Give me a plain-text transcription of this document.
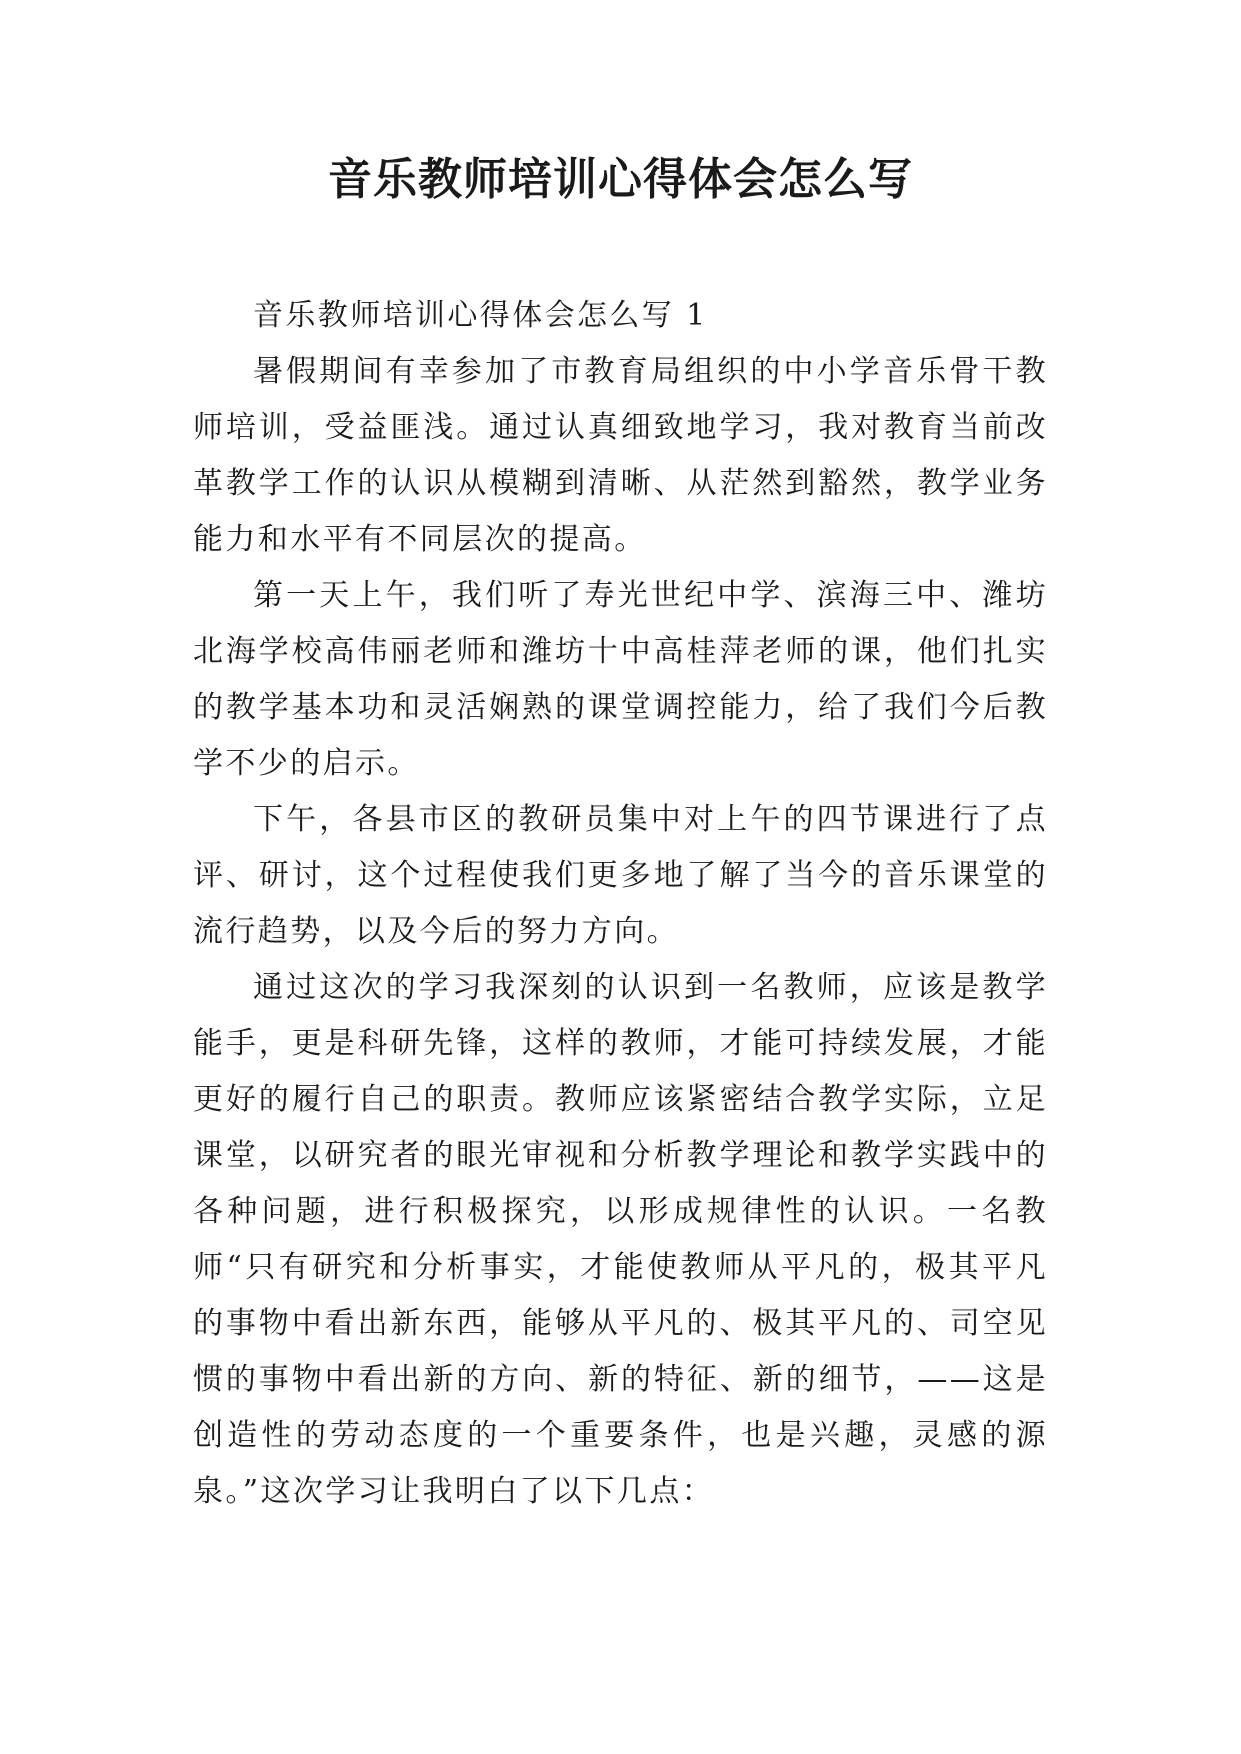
音乐教师培训心得体会怎么写

音乐教师培训心得体会怎么写 1

暑假期间有幸参加了市教育局组织的中小学音乐骨干教师培训，受益匪浅。通过认真细致地学习，我对教育当前改革教学工作的认识从模糊到清晰、从茫然到豁然，教学业务能力和水平有不同层次的提高。

第一天上午，我们听了寿光世纪中学、滨海三中、潍坊北海学校高伟丽老师和潍坊十中高桂萍老师的课，他们扎实的教学基本功和灵活娴熟的课堂调控能力，给了我们今后教学不少的启示。

下午，各县市区的教研员集中对上午的四节课进行了点评、研讨，这个过程使我们更多地了解了当今的音乐课堂的流行趋势，以及今后的努力方向。

通过这次的学习我深刻的认识到一名教师，应该是教学能手，更是科研先锋，这样的教师，才能可持续发展，才能更好的履行自己的职责。教师应该紧密结合教学实际，立足课堂，以研究者的眼光审视和分析教学理论和教学实践中的各种问题，进行积极探究，以形成规律性的认识。一名教师“只有研究和分析事实，才能使教师从平凡的，极其平凡的事物中看出新东西，能够从平凡的、极其平凡的、司空见惯的事物中看出新的方向、新的特征、新的细节，——这是创造性的劳动态度的一个重要条件，也是兴趣，灵感的源泉。”这次学习让我明白了以下几点：
